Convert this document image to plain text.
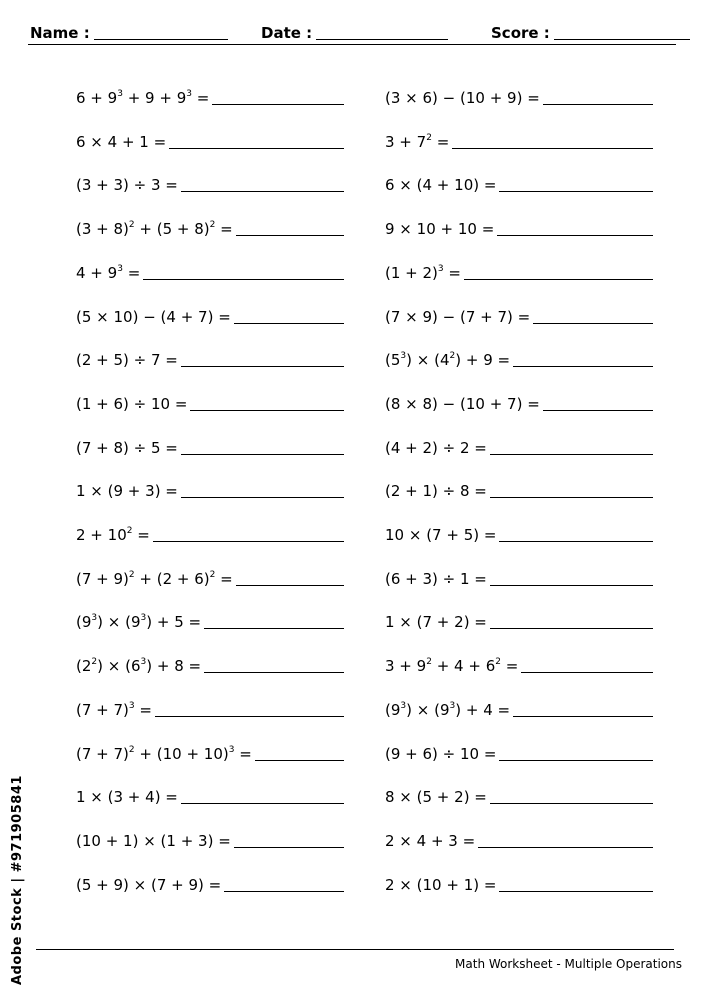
Name :	Date :	Score :
$6 + 9^3 + 9 + 9^3$ =
6 × 4 + 1 =
(3 + 3) ÷ 3 =
$(3 + 8)^2 + (5 + 8)^2$ =
$4 + 9^3$ =
(5 × 10) − (4 + 7) =
(2 + 5) ÷ 7 =
(1 + 6) ÷ 10 =
(7 + 8) ÷ 5 =
1 × (9 + 3) =
$2 + 10^2$ =
$(7 + 9)^2 + (2 + 6)^2$ =
$(9^3) \times (9^3) + 5$ =
$(2^2) \times (6^3) + 8$ =
$(7 + 7)^3$ =
$(7 + 7)^2 + (10 + 10)^3$ =
1 × (3 + 4) =
(10 + 1) × (1 + 3) =
(5 + 9) × (7 + 9) =
(3 × 6) − (10 + 9) =
$3 + 7^2$ =
6 × (4 + 10) =
9 × 10 + 10 =
$(1 + 2)^3$ =
(7 × 9) − (7 + 7) =
$(5^3) \times (4^2) + 9$ =
(8 × 8) − (10 + 7) =
(4 + 2) ÷ 2 =
(2 + 1) ÷ 8 =
10 × (7 + 5) =
(6 + 3) ÷ 1 =
1 × (7 + 2) =
$3 + 9^2 + 4 + 6^2$ =
$(9^3) \times (9^3) + 4$ =
(9 + 6) ÷ 10 =
8 × (5 + 2) =
2 × 4 + 3 =
2 × (10 + 1) =
Math Worksheet - Multiple Operations
Adobe Stock | #971905841
